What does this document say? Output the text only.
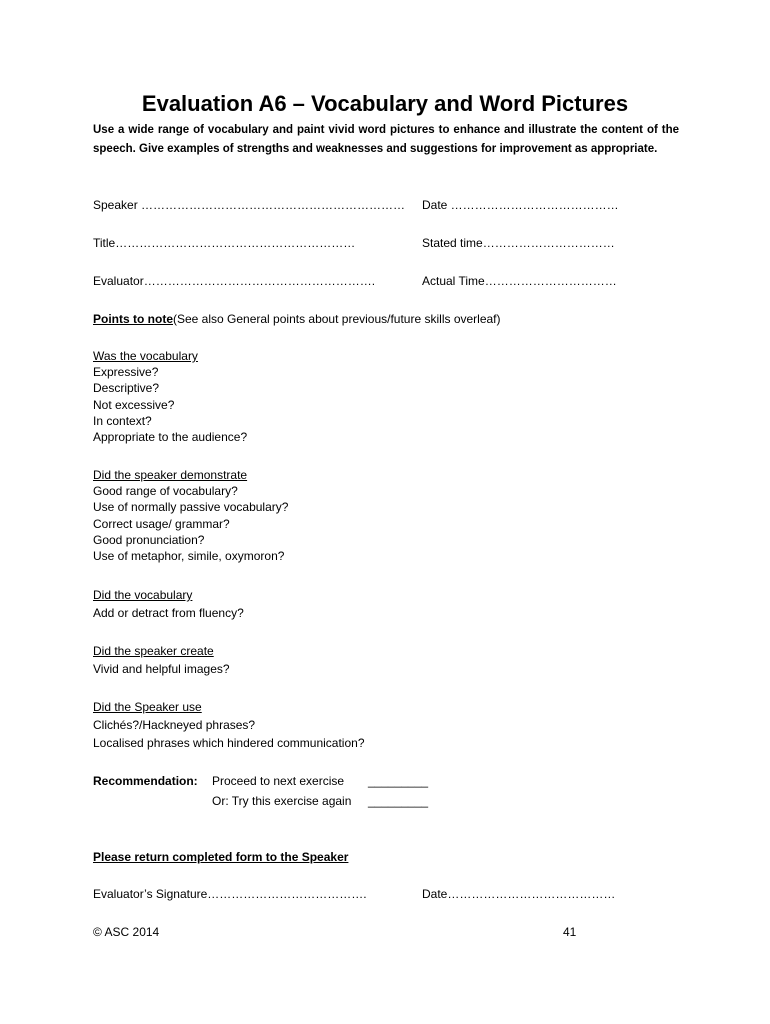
Evaluation A6 – Vocabulary and Word Pictures
Use a wide range of vocabulary and paint vivid word pictures to enhance and illustrate the content of the speech. Give examples of strengths and weaknesses and suggestions for improvement as appropriate.
Speaker ………………………………………………………… Date ……………………………………
Title……………………………………………………	Stated time……………………………
Evaluator………………………………………………….	Actual Time……………………………
Points to note(See also General points about previous/future skills overleaf)
Was the vocabulary
Expressive?
Descriptive?
Not excessive?
In context?
Appropriate to the audience?
Did the speaker demonstrate
Good range of vocabulary?
Use of normally passive vocabulary?
Correct usage/ grammar?
Good pronunciation?
Use of metaphor, simile, oxymoron?
Did the vocabulary
Add or detract from fluency?
Did the speaker create
Vivid and helpful images?
Did the Speaker use
Clichés?/Hackneyed phrases?
Localised phrases which hindered communication?
Recommendation: Proceed to next exercise _________
Or: Try this exercise again _________
Please return completed form to the Speaker
Evaluator’s Signature………………………………….	Date……………………………………
© ASC 2014	41
